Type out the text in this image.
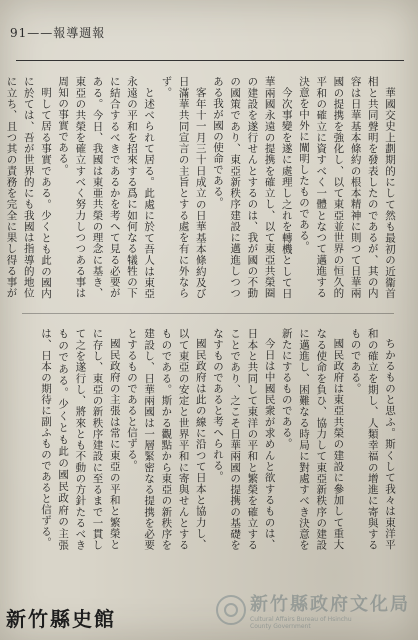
91——報導週報

華國交史上劃期的にして然も最初の近衞首相と共同聲明を發表したのであるが、其の内容は日華基本條約の根本精神に則つて日華兩國の提携を強化し、以て東亞並世界の恒久的平和の確立に資すべく一體となつて邁進する決意を中外に闡明したものである。

今次事變を遂に處理し之れを轉機として日華兩國永遠の提携を確立し、以て東亞共榮圈の建設を遂行せんとするのは、我が國の不動の國策であり、東亞新秩序建設に邁進しつつある我が國の使命である。

客年十一月三十日成立の日華基本條約及び日滿華共同宣言の主旨とする處を有に外ならず。

と述べられて居る。此處に於て吾人は東亞永遠の平和を招來する爲に如何なる犠牲の下に結合するべきであるかを考へて見る必要がある。今日、我國は東亜共榮の理念に基き、東亞の共榮を確立すべく努力しつつある事は周知の事實である。

明して居る事實である。少くとも此の國内に於ては、吾が世界的にも我國は指導的地位に立ち、且つ其の責務を完全に果し得る事が

ちかるものと思ふ。斯くして我々は東洋平和の確立を期し、人類幸福の增進に寄與するものである。

國民政府は東亞共榮の建設に參加して重大なる使命を負ひ、協力して東亞新秩序の建設に邁進し、困難なる時局に對處すべき決意を新たにするものである。

今日は中國民衆が求めんと欲するものは、日本と共同して東洋の平和と繁榮を確立することであり、之こそ日華兩國の提携の基礎をなすものであると考へられる。

國民政府は此の線に沿つて日本と協力し、以て東亞の安定と世界平和に寄與せんとするものである。斯かる觀點から東亞の新秩序を建設し、日華兩國は一層緊密なる提携を必要とするものであると信ずる。

國民政府の主張は常に東亞の平和と繁榮とに存し、東亞の新秩序建設に至るまで一貫して之を遂行し、將來とも不動の方針たるべきものである。少くとも此の國民政府の主張は、日本の期待に副ふものであると信ずる。

新竹縣史館
新竹縣政府文化局
Cultural Affairs Bureau of Hsinchu
County Government
